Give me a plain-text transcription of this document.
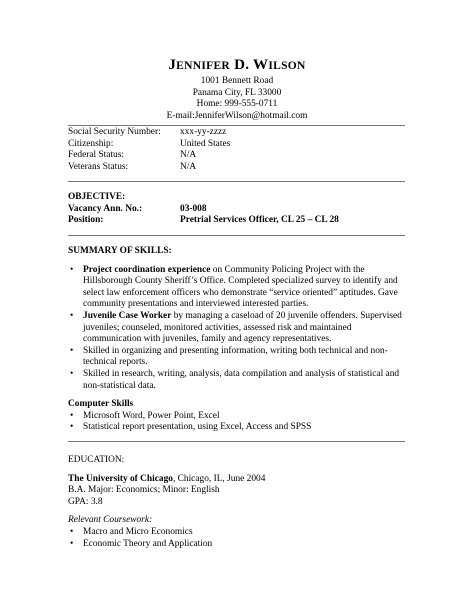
JENNIFER D. WILSON
1001 Bennett Road
Panama City, FL 33000
Home: 999-555-0711
E-mail:JenniferWilson@hotmail.com
Social Security Number:	xxx-yy-zzzz
Citizenship:	United States
Federal Status:	N/A
Veterans Status:	N/A
OBJECTIVE:
Vacancy Ann. No.:	03-008
Position:	Pretrial Services Officer, CL 25 – CL 28
SUMMARY OF SKILLS:
• Project coordination experience on Community Policing Project with the
Hillsborough County Sheriff’s Office. Completed specialized survey to identify and
select law enforcement officers who demonstrate “service oriented” aptitudes. Gave
community presentations and interviewed interested parties.
• Juvenile Case Worker by managing a caseload of 20 juvenile offenders. Supervised
juveniles; counseled, monitored activities, assessed risk and maintained
communication with juveniles, family and agency representatives.
• Skilled in organizing and presenting information, writing both technical and non-
technical reports.
• Skilled in research, writing, analysis, data compilation and analysis of statistical and
non-statistical data.
Computer Skills
• Microsoft Word, Power Point, Excel
• Statistical report presentation, using Excel, Access and SPSS
EDUCATION:
The University of Chicago, Chicago, IL, June 2004
B.A. Major: Economics; Minor: English
GPA: 3.8
Relevant Coursework:
• Macro and Micro Economics
• Economic Theory and Application
